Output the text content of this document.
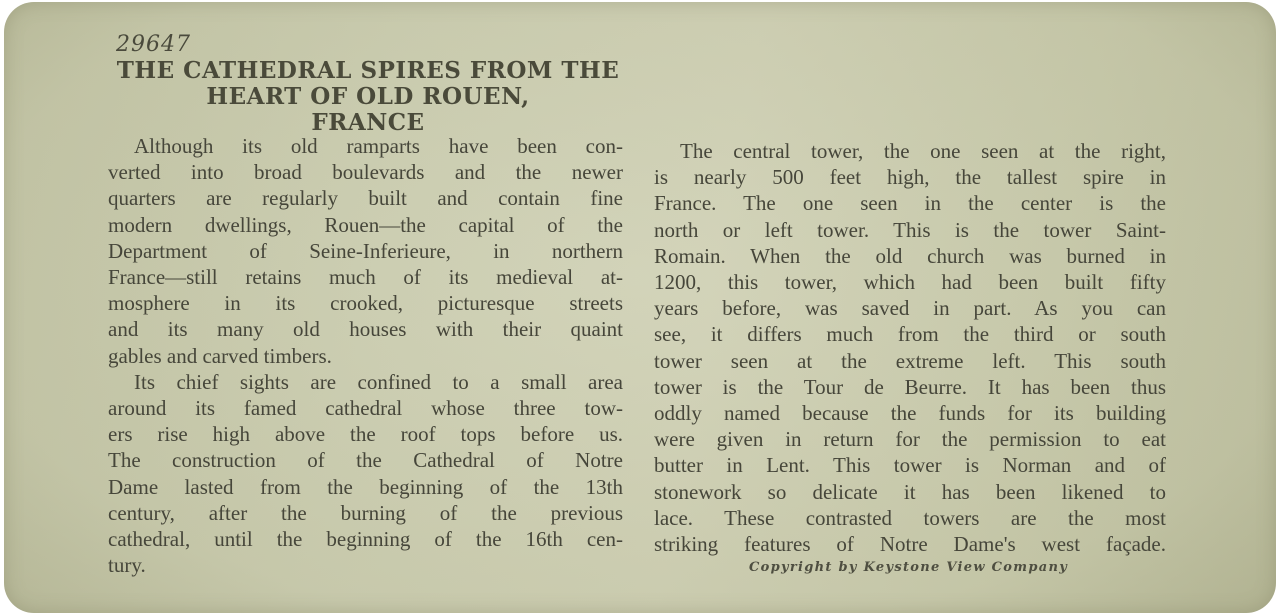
29647
THE CATHEDRAL SPIRES FROM THE
HEART OF OLD ROUEN,
FRANCE
Although its old ramparts have been con-
verted into broad boulevards and the newer
quarters are regularly built and contain fine
modern dwellings, Rouen—the capital of the
Department of Seine-Inferieure, in northern
France—still retains much of its medieval at-
mosphere in its crooked, picturesque streets
and its many old houses with their quaint
gables and carved timbers.
Its chief sights are confined to a small area
around its famed cathedral whose three tow-
ers rise high above the roof tops before us.
The construction of the Cathedral of Notre
Dame lasted from the beginning of the 13th
century, after the burning of the previous
cathedral, until the beginning of the 16th cen-
tury.
The central tower, the one seen at the right,
is nearly 500 feet high, the tallest spire in
France. The one seen in the center is the
north or left tower. This is the tower Saint-
Romain. When the old church was burned in
1200, this tower, which had been built fifty
years before, was saved in part. As you can
see, it differs much from the third or south
tower seen at the extreme left. This south
tower is the Tour de Beurre. It has been thus
oddly named because the funds for its building
were given in return for the permission to eat
butter in Lent. This tower is Norman and of
stonework so delicate it has been likened to
lace. These contrasted towers are the most
striking features of Notre Dame's west façade.
Copyright by Keystone View Company
